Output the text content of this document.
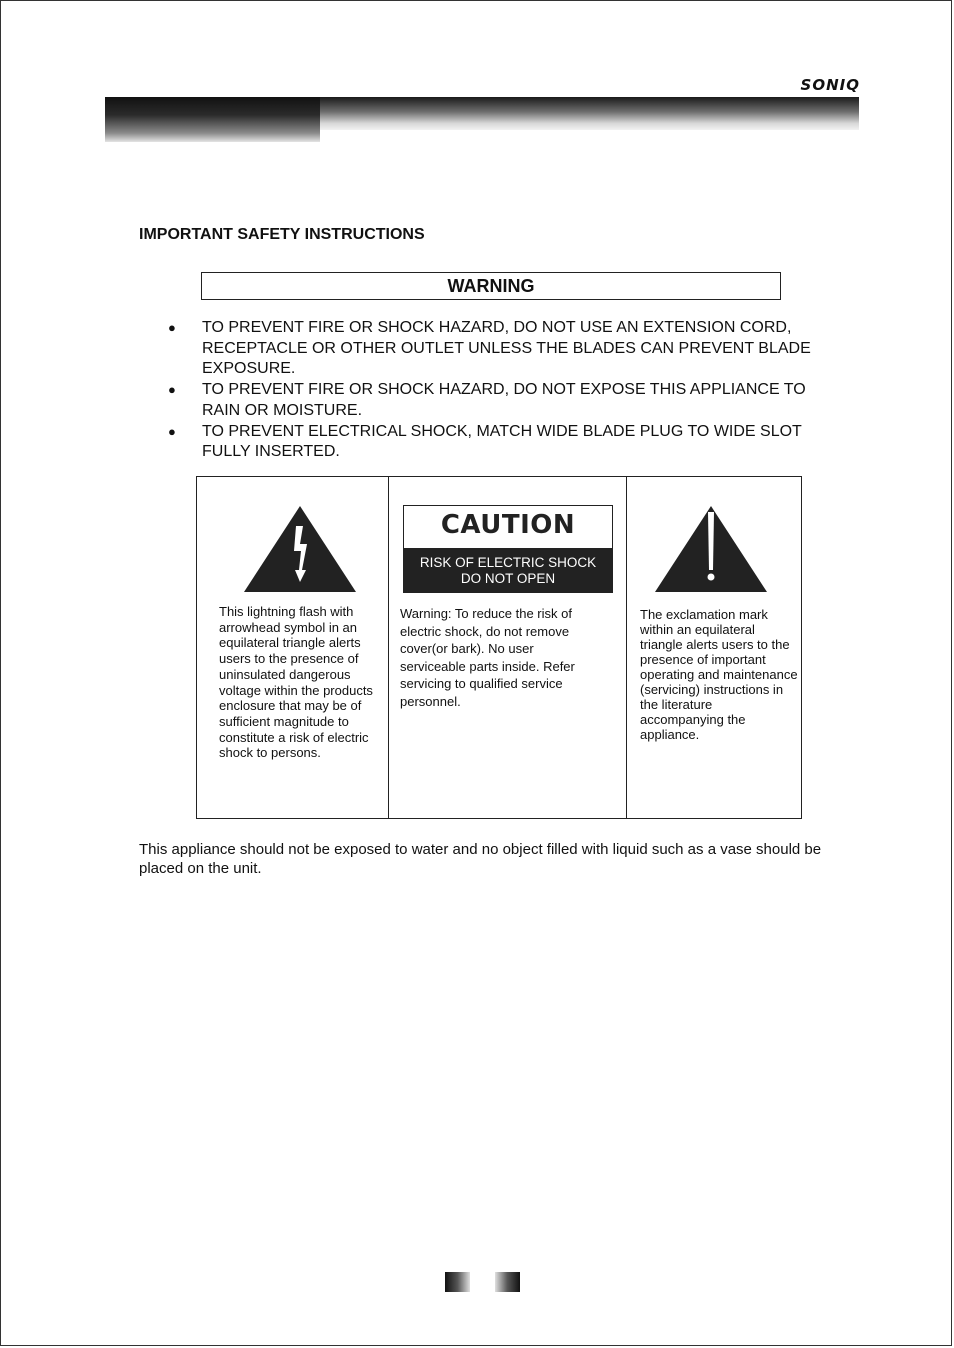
SONIQ
IMPORTANT SAFETY INSTRUCTIONS
WARNING
● TO PREVENT FIRE OR SHOCK HAZARD, DO NOT USE AN EXTENSION CORD, RECEPTACLE OR OTHER OUTLET UNLESS THE BLADES CAN PREVENT BLADE EXPOSURE.
● TO PREVENT FIRE OR SHOCK HAZARD, DO NOT EXPOSE THIS APPLIANCE TO RAIN OR MOISTURE.
● TO PREVENT ELECTRICAL SHOCK, MATCH WIDE BLADE PLUG TO WIDE SLOT FULLY INSERTED.
This lightning flash with arrowhead symbol in an equilateral triangle alerts users to the presence of uninsulated dangerous voltage within the products enclosure that may be of sufficient magnitude to constitute a risk of electric shock to persons.
CAUTION
RISK OF ELECTRIC SHOCK
DO NOT OPEN
Warning: To reduce the risk of electric shock, do not remove cover(or bark). No user serviceable parts inside. Refer servicing to qualified service personnel.
The exclamation mark within an equilateral triangle alerts users to the presence of important operating and maintenance (servicing) instructions in the literature accompanying the appliance.
This appliance should not be exposed to water and no object filled with liquid such as a vase should be placed on the unit.
